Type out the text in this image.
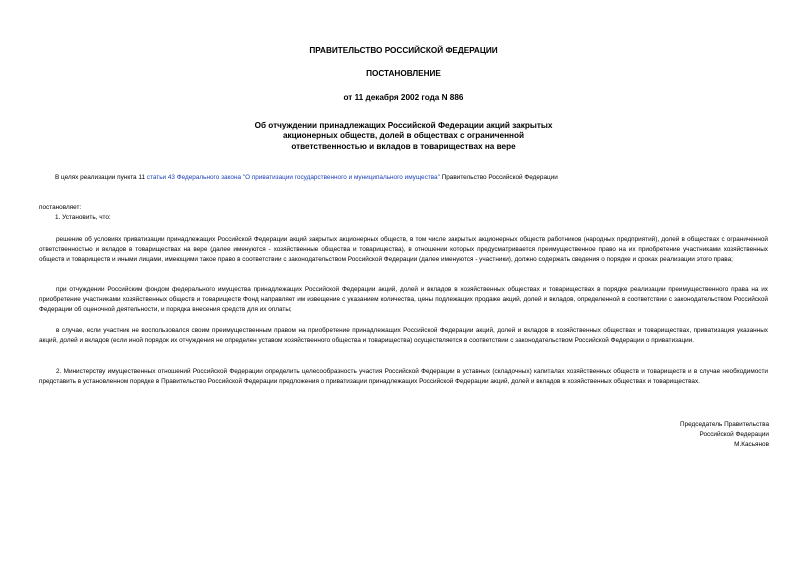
ПРАВИТЕЛЬСТВО РОССИЙСКОЙ ФЕДЕРАЦИИ
ПОСТАНОВЛЕНИЕ
от 11 декабря 2002 года N 886
Об отчуждении принадлежащих Российской Федерации акций закрытых
акционерных обществ, долей в обществах с ограниченной
ответственностью и вкладов в товариществах на вере
В целях реализации пункта 11 статьи 43 Федерального закона "О приватизации государственного и муниципального имущества" Правительство Российской Федерации
постановляет:
1. Установить, что:
решение об условиях приватизации принадлежащих Российской Федерации акций закрытых акционерных обществ, в том числе закрытых акционерных обществ работников (народных предприятий), долей в обществах с ограниченной ответственностью и вкладов в товариществах на вере (далее именуются - хозяйственные общества и товарищества), в отношении которых предусматривается преимущественное право на их приобретение участниками хозяйственных обществ и товариществ и иными лицами, имеющими такое право в соответствии с законодательством Российской Федерации (далее именуются - участники), должно содержать сведения о порядке и сроках реализации этого права;
при отчуждении Российским фондом федерального имущества принадлежащих Российской Федерации акций, долей и вкладов в хозяйственных обществах и товариществах в порядке реализации преимущественного права на их приобретение участниками хозяйственных обществ и товариществ Фонд направляет им извещение с указанием количества, цены подлежащих продаже акций, долей и вкладов, определенной в соответствии с законодательством Российской Федерации об оценочной деятельности, и порядка внесения средств для их оплаты;
в случае, если участник не воспользовался своим преимущественным правом на приобретение принадлежащих Российской Федерации акций, долей и вкладов в хозяйственных обществах и товариществах, приватизация указанных акций, долей и вкладов (если иной порядок их отчуждения не определен уставом хозяйственного общества и товарищества) осуществляется в соответствии с законодательством Российской Федерации о приватизации.
2. Министерству имущественных отношений Российской Федерации определить целесообразность участия Российской Федерации в уставных (складочных) капиталах хозяйственных обществ и товариществ и в случае необходимости представить в установленном порядке в Правительство Российской Федерации предложения о приватизации принадлежащих Российской Федерации акций, долей и вкладов в хозяйственных обществах и товариществах.
Председатель Правительства
Российской Федерации
М.Касьянов
